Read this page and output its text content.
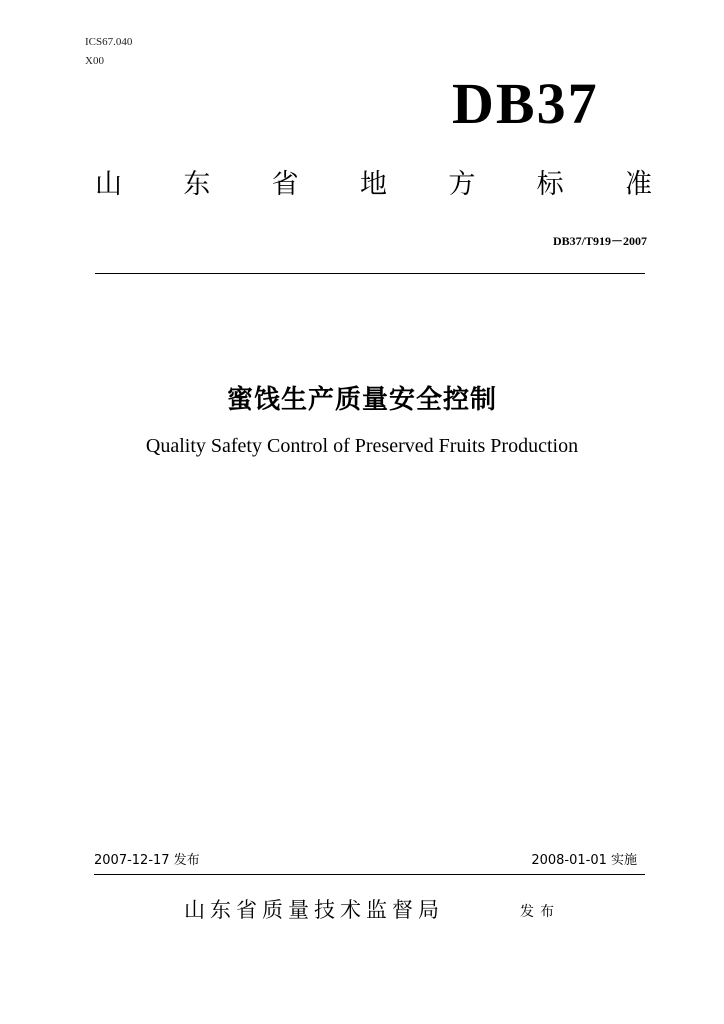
ICS67.040
X00
DB37
山 东 省 地 方 标 准
DB37/T919－2007
蜜饯生产质量安全控制
Quality Safety Control of Preserved Fruits Production
2007-12-17 发布	2008-01-01 实施
山东省质量技术监督局	发布
